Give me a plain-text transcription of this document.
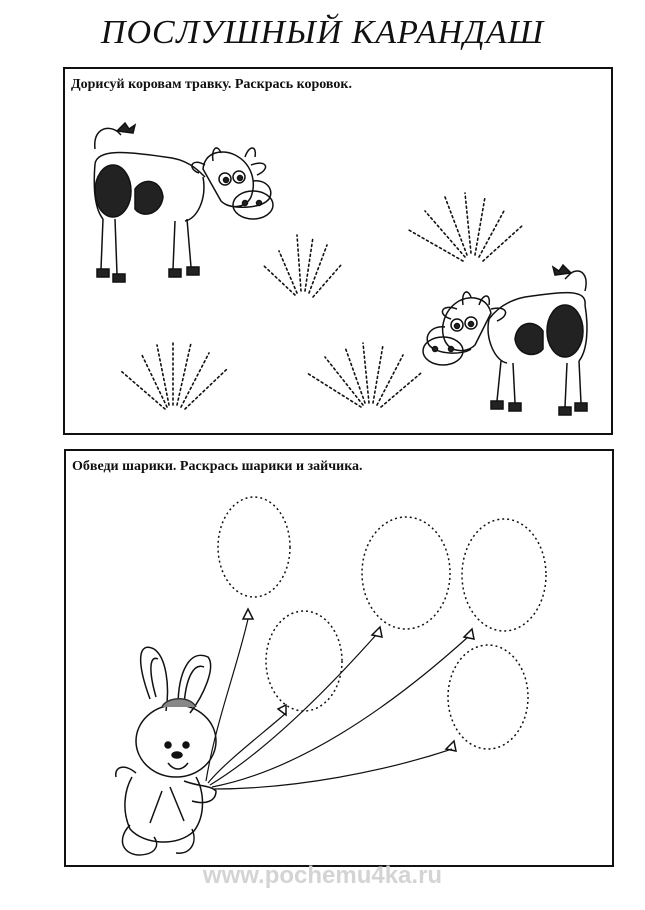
ПОСЛУШНЫЙ КАРАНДАШ
Дорисуй коровам травку. Раскрась коровок.
Обведи шарики. Раскрась шарики и зайчика.
www.pochemu4ka.ru
